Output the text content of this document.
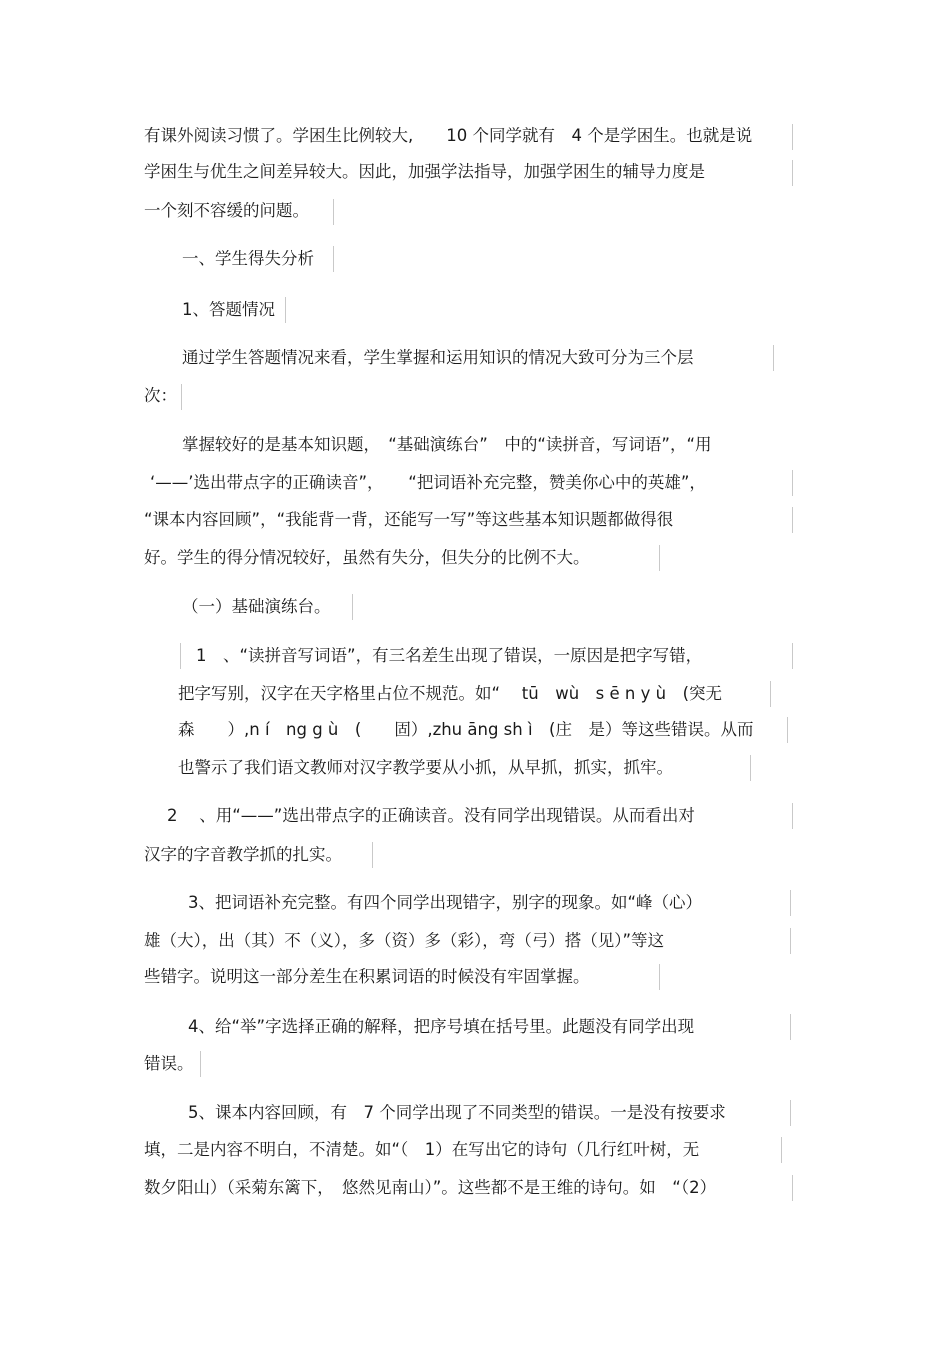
有课外阅读习惯了。学困生比例较大,　　10 个同学就有　4 个是学困生。也就是说
学困生与优生之间差异较大。因此，加强学法指导，加强学困生的辅导力度是
一个刻不容缓的问题。
一、学生得失分析
1、答题情况
通过学生答题情况来看，学生掌握和运用知识的情况大致可分为三个层
次：
掌握较好的是基本知识题，　“基础演练台”　中的“读拼音，写词语”，“用
‘——’选出带点字的正确读音”，　　“把词语补充完整，赞美你心中的英雄”，
“课本内容回顾”，“我能背一背，还能写一写”等这些基本知识题都做得很
好。学生的得分情况较好，虽然有失分，但失分的比例不大。
（一）基础演练台。
1　、“读拼音写词语”，有三名差生出现了错误，一原因是把字写错，
把字写别，汉字在天字格里占位不规范。如“　 tū　wù　s ē n y ù　(突无
森　　）,n í　ng g ù　(　　固）,zhu āng sh ì　(庄　是）等这些错误。从而
也警示了我们语文教师对汉字教学要从小抓，从早抓，抓实，抓牢。
2　 、用“——”选出带点字的正确读音。没有同学出现错误。从而看出对
汉字的字音教学抓的扎实。
3、把词语补充完整。有四个同学出现错字，别字的现象。如“峰（心）
雄（大），出（其）不（义），多（资）多（彩），弯（弓）搭（见）”等这
些错字。说明这一部分差生在积累词语的时候没有牢固掌握。
4、给“举”字选择正确的解释，把序号填在括号里。此题没有同学出现
错误。
5、课本内容回顾，有　7 个同学出现了不同类型的错误。一是没有按要求
填，二是内容不明白，不清楚。如“（　1）在写出它的诗句（几行红叶树，无
数夕阳山）（采菊东篱下，　悠然见南山）”。这些都不是王维的诗句。如　“（2）
